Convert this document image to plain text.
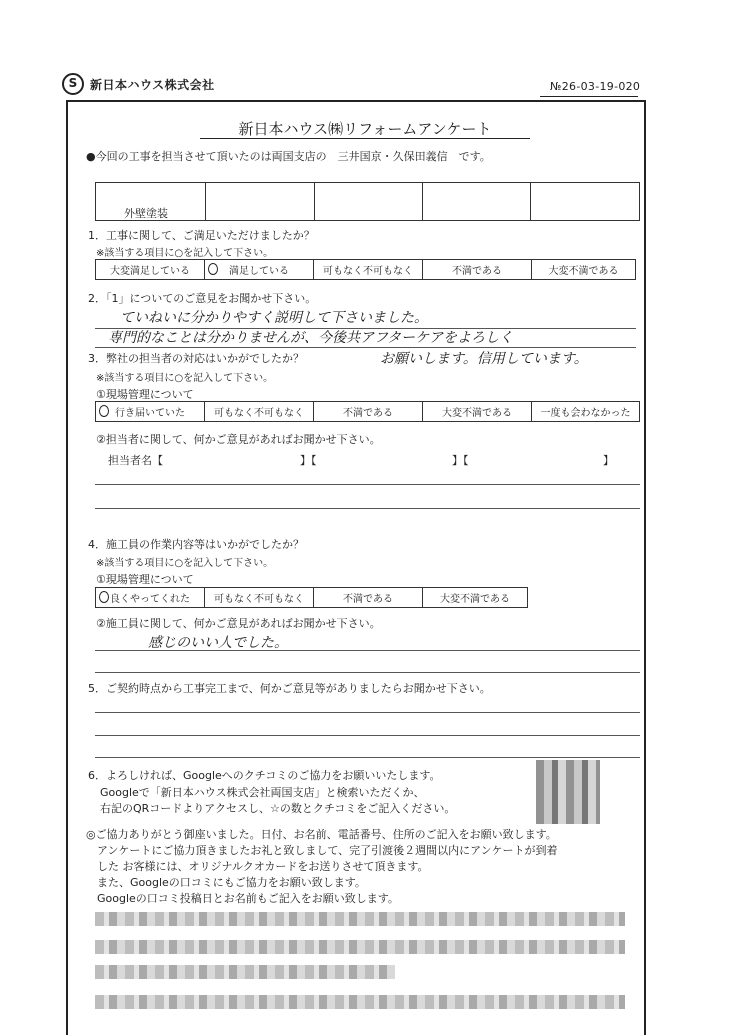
S	新日本ハウス株式会社	№26-03-19-020
新日本ハウス㈱リフォームアンケート
●今回の工事を担当させて頂いたのは両国支店の　三井国京・久保田義信　です。
外壁塗装
1．工事に関して、ご満足いただけましたか？
※該当する項目に○を記入して下さい。
大変満足している	満足している	可もなく不可もなく	不満である	大変不満である
2．「1」についてのご意見をお聞かせ下さい。
ていねいに分かりやすく説明して下さいました。
専門的なことは分かりませんが、今後共アフターケアをよろしく
3．弊社の担当者の対応はいかがでしたか？	お願いします。信用しています。
※該当する項目に○を記入して下さい。
①現場管理について
行き届いていた	可もなく不可もなく	不満である	大変不満である	一度も会わなかった
②担当者に関して、何かご意見があればお聞かせ下さい。
担当者名【	】【	】【	】
4．施工員の作業内容等はいかがでしたか？
※該当する項目に○を記入して下さい。
①現場管理について
良くやってくれた	可もなく不可もなく	不満である	大変不満である
②施工員に関して、何かご意見があればお聞かせ下さい。
感じのいい人でした。
5．ご契約時点から工事完工まで、何かご意見等がありましたらお聞かせ下さい。
6．よろしければ、Googleへのクチコミのご協力をお願いいたします。
Googleで「新日本ハウス株式会社両国支店」と検索いただくか、
右記のQRコードよりアクセスし、☆の数とクチコミをご記入ください。
◎ご協力ありがとう御座いました。日付、お名前、電話番号、住所のご記入をお願い致します。
　アンケートにご協力頂きましたお礼と致しまして、完了引渡後２週間以内にアンケートが到着
　した お客様には、オリジナルクオカードをお送りさせて頂きます。
　また、Googleの口コミにもご協力をお願い致します。
　Googleの口コミ投稿日とお名前もご記入をお願い致します。
